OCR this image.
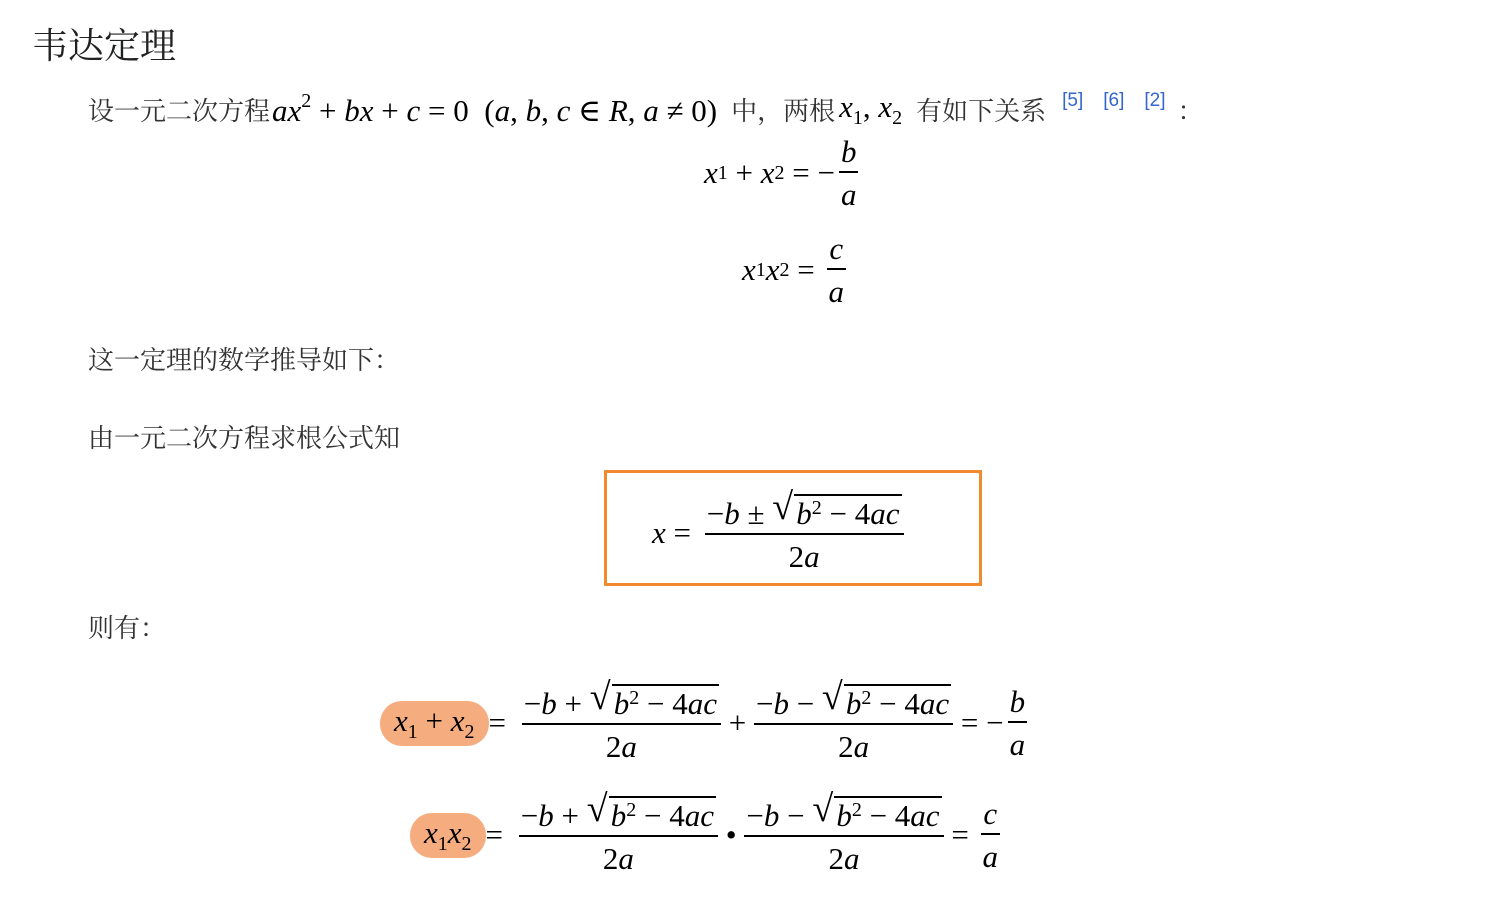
韦达定理
设一元二次方程 $ax^2$ + bx + c = 0  (a, b, c ∈ R, a ≠ 0) 中，两根 $x_1$, $x_2$ 有如下关系 [5] [6] [2] ：
x 1 + x 2 = − $\frac{b}{a}$
x 1 x $2 = \frac{c}{a}$
这一定理的数学推导如下：
由一元二次方程求根公式知
$x = \frac{-b \pm √ b^2 - 4ac}{2a}$
则有：
$x_1 + x_2 = \frac{-b + √ b^2 - 4ac}{2a} + \frac{-b - √ b^2 - 4ac}{2a}$ = − $\frac{b}{a}$
$x_1x_2 = \frac{-b + √ b^2 - 4ac}{2a}$ • $\frac{-b - √ b^2 - 4ac}{2a} = \frac{c}{a}$
